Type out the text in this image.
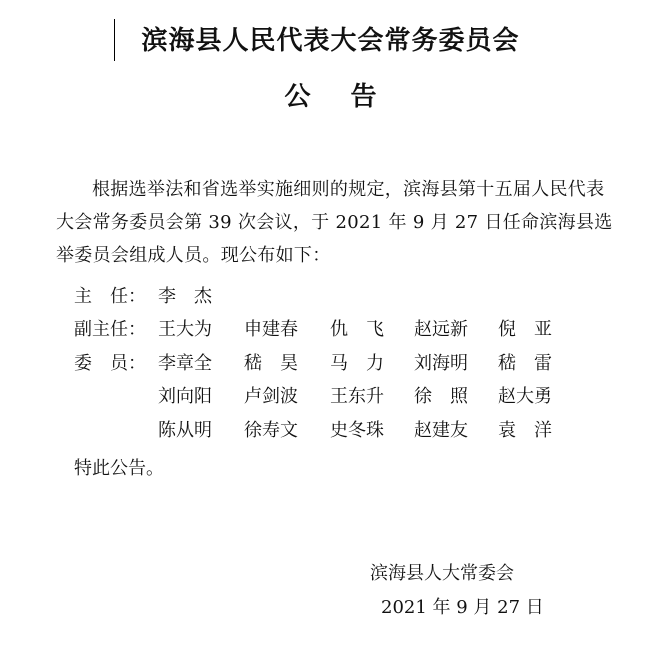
滨海县人民代表大会常务委员会
公告
根据选举法和省选举实施细则的规定，滨海县第十五届人民代表大会常务委员会第 39 次会议，于 2021 年 9 月 27 日任命滨海县选举委员会组成人员。现公布如下：
主 任： 李　杰
副主任： 王大为 申建春 仇　飞 赵远新 倪　亚
委 员： 李章全 嵇　昊 马　力 刘海明 嵇　雷
刘向阳 卢剑波 王东升 徐　照 赵大勇
陈从明 徐寿文 史冬珠 赵建友 袁　洋
特此公告。
滨海县人大常委会
2021 年 9 月 27 日
